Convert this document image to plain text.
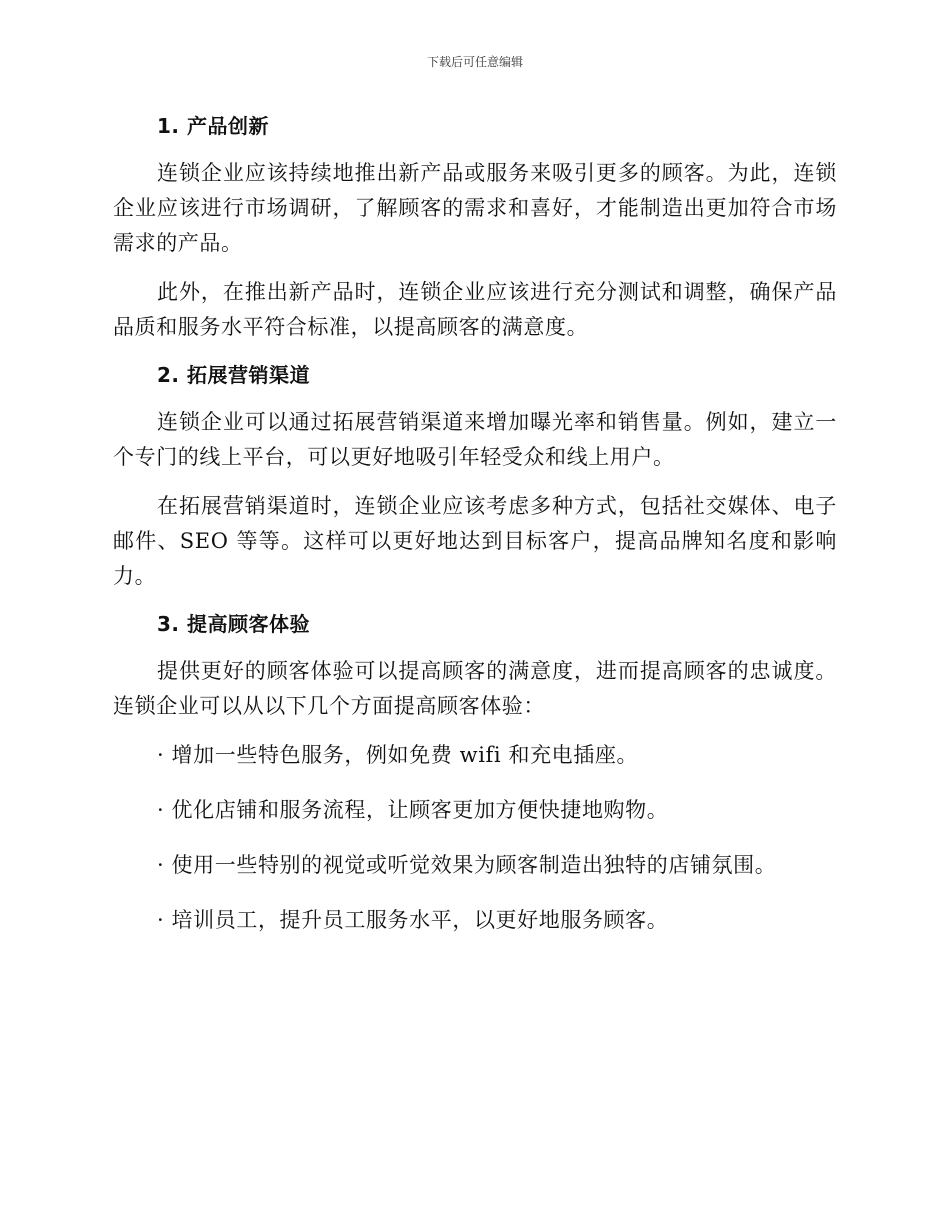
下载后可任意编辑
1. 产品创新

连锁企业应该持续地推出新产品或服务来吸引更多的顾客。为此，连锁企业应该进行市场调研，了解顾客的需求和喜好，才能制造出更加符合市场需求的产品。

此外，在推出新产品时，连锁企业应该进行充分测试和调整，确保产品品质和服务水平符合标准，以提高顾客的满意度。

2. 拓展营销渠道

连锁企业可以通过拓展营销渠道来增加曝光率和销售量。例如，建立一个专门的线上平台，可以更好地吸引年轻受众和线上用户。

在拓展营销渠道时，连锁企业应该考虑多种方式，包括社交媒体、电子邮件、SEO 等等。这样可以更好地达到目标客户，提高品牌知名度和影响力。

3. 提高顾客体验

提供更好的顾客体验可以提高顾客的满意度，进而提高顾客的忠诚度。连锁企业可以从以下几个方面提高顾客体验：

· 增加一些特色服务，例如免费 wifi 和充电插座。
· 优化店铺和服务流程，让顾客更加方便快捷地购物。
· 使用一些特别的视觉或听觉效果为顾客制造出独特的店铺氛围。
· 培训员工，提升员工服务水平，以更好地服务顾客。
